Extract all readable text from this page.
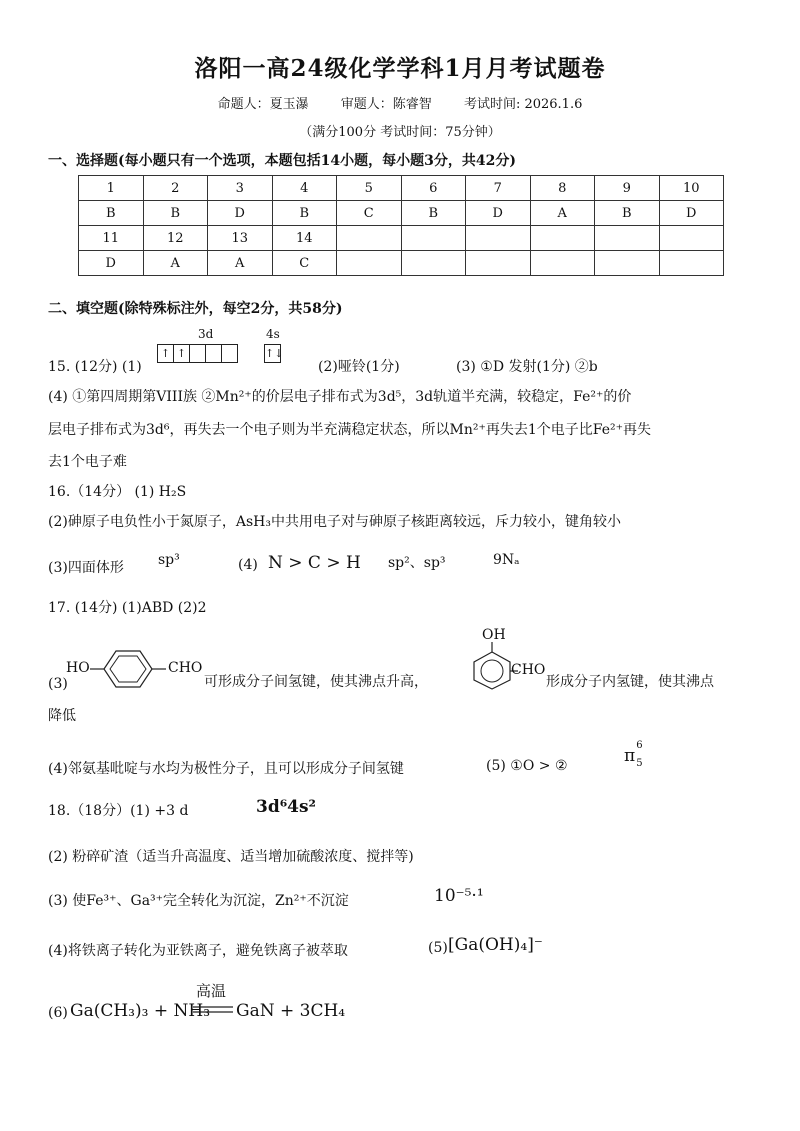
洛阳一高24级化学学科1月月考试题卷
命题人：夏玉瀑 审题人：陈睿智 考试时间: 2026.1.6
（满分100分 考试时间：75分钟）
一、选择题(每小题只有一个选项，本题包括14小题，每小题3分，共42分)
1	2	3	4	5	6	7	8	9	10
B	B	D	B	C	B	D	A	B	D
11	12	13	14						
D	A	A	C						
二、填空题(除特殊标注外，每空2分，共58分)
15. (12分) (1)
3d
↑ ↑
4s
↑↓
(2)哑铃(1分)	(3) ①D 发射(1分) ②b
(4) ①第四周期第VIII族 ②Mn²⁺的价层电子排布式为3d⁵，3d轨道半充满，较稳定，Fe²⁺的价
层电子排布式为3d⁶，再失去一个电子则为半充满稳定状态，所以Mn²⁺再失去1个电子比Fe²⁺再失
去1个电子难
16.（14分） (1) H₂S
(2)砷原子电负性小于氮原子，AsH₃中共用电子对与砷原子核距离较远，斥力较小，键角较小
(3)四面体形 sp³	(4) N > C > H sp²、sp³	9Nₐ
17. (14分) (1)ABD (2)2
(3)
HO	CHO
可形成分子间氢键，使其沸点升高，
OH
CHO
形成分子内氢键，使其沸点
降低
(4)邻氨基吡啶与水均为极性分子，且可以形成分子间氢键	(5) ①O > ②	π
6
5
18.（18分）(1) +3 d	3d⁶4s²
(2) 粉碎矿渣（适当升高温度、适当增加硫酸浓度、搅拌等)
(3) 使Fe³⁺、Ga³⁺完全转化为沉淀，Zn²⁺不沉淀	10⁻⁵·¹
(4)将铁离子转化为亚铁离子，避免铁离子被萃取	(5) [Ga(OH)₄]⁻
(6) Ga(CH₃)₃ + NH₃
高温
GaN + 3CH₄
